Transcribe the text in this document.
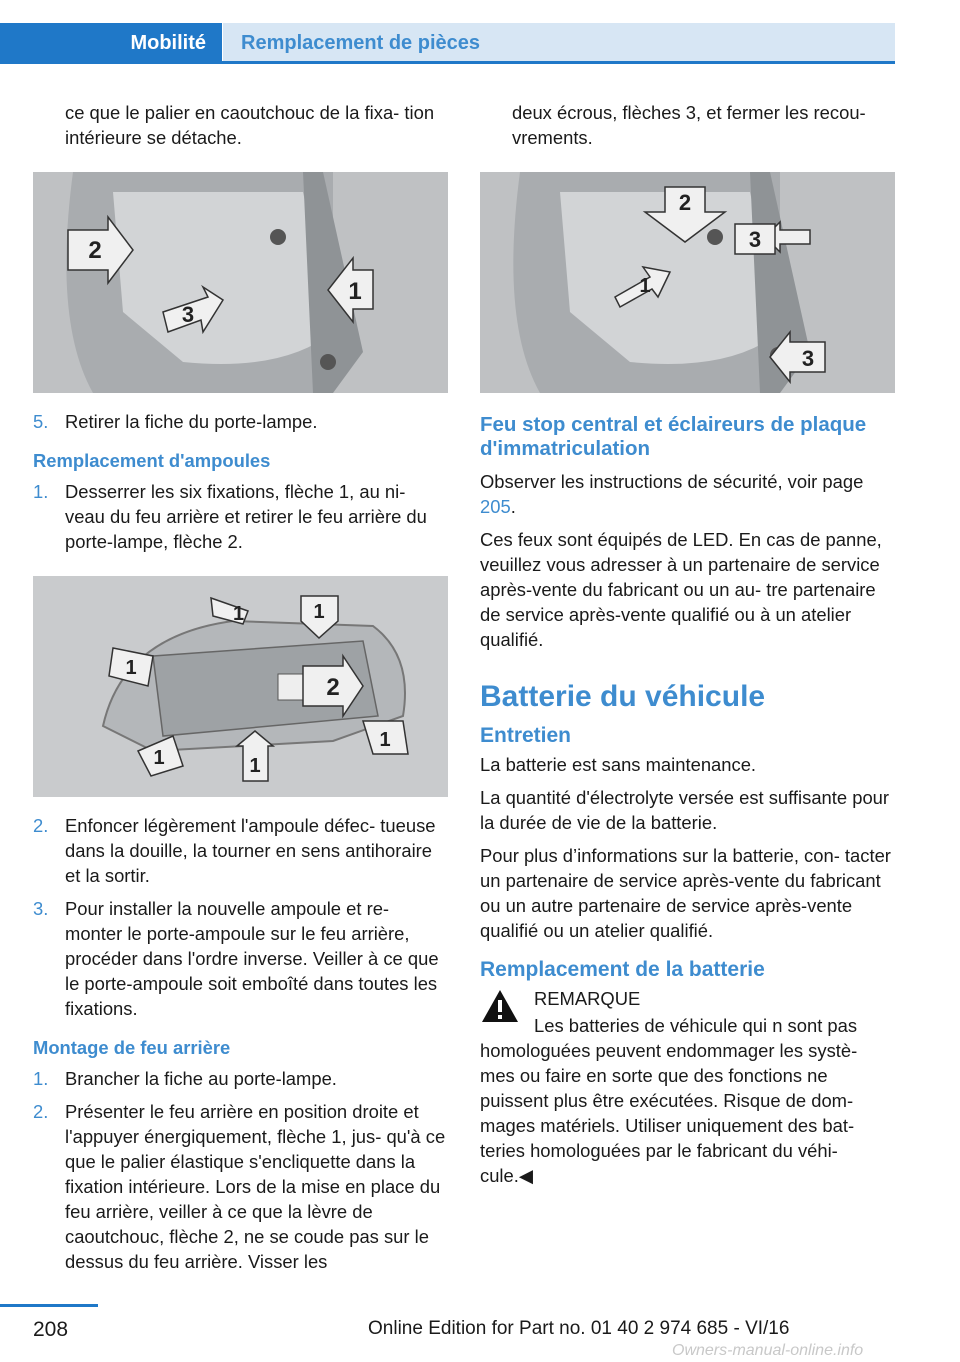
Mobilité	Remplacement de pièces

ce que le palier en caoutchouc de la fixa‐ tion intérieure se détache.

2
1
3
5. Retirer la fiche du porte-lampe.
Remplacement d'ampoules
1. Desserrer les six fixations, flèche 1, au ni‐ veau du feu arrière et retirer le feu arrière du porte-lampe, flèche 2.
1	1
1
2
1	1
1
2. Enfoncer légèrement l'ampoule défec‐ tueuse dans la douille, la tourner en sens antihoraire et la sortir.
3. Pour installer la nouvelle ampoule et re‐ monter le porte-ampoule sur le feu arrière, procéder dans l'ordre inverse. Veiller à ce que le porte-ampoule soit emboîté dans toutes les fixations.
Montage de feu arrière
1. Brancher la fiche au porte-lampe.
2. Présenter le feu arrière en position droite et l'appuyer énergiquement, flèche 1, jus‐ qu'à ce que le palier élastique s'encliquette dans la fixation intérieure. Lors de la mise en place du feu arrière, veiller à ce que la lèvre de caoutchouc, flèche 2, ne se coude pas sur le dessus du feu arrière. Visser les

deux écrous, flèches 3, et fermer les recou‐ vrements.

2
3
1
3
Feu stop central et éclaireurs de plaque d'immatriculation

Observer les instructions de sécurité, voir page 205.

Ces feux sont équipés de LED. En cas de panne, veuillez vous adresser à un partenaire de service après-vente du fabricant ou un au‐ tre partenaire de service après-vente qualifié ou à un atelier qualifié.

Batterie du véhicule
Entretien

La batterie est sans maintenance.

La quantité d'électrolyte versée est suffisante pour la durée de vie de la batterie.

Pour plus d’informations sur la batterie, con‐ tacter un partenaire de service après-vente du fabricant ou un autre partenaire de service après-vente qualifié ou un atelier qualifié.

Remplacement de la batterie
REMARQUE

Les batteries de véhicule qui n sont pas homologuées peuvent endommager les systè‐ mes ou faire en sorte que des fonctions ne puissent plus être exécutées. Risque de dom‐ mages matériels. Utiliser uniquement des bat‐ teries homologuées par le fabricant du véhi‐ cule.◀

208	Online Edition for Part no. 01 40 2 974 685 - VI/16
Owners-manual-online.info
